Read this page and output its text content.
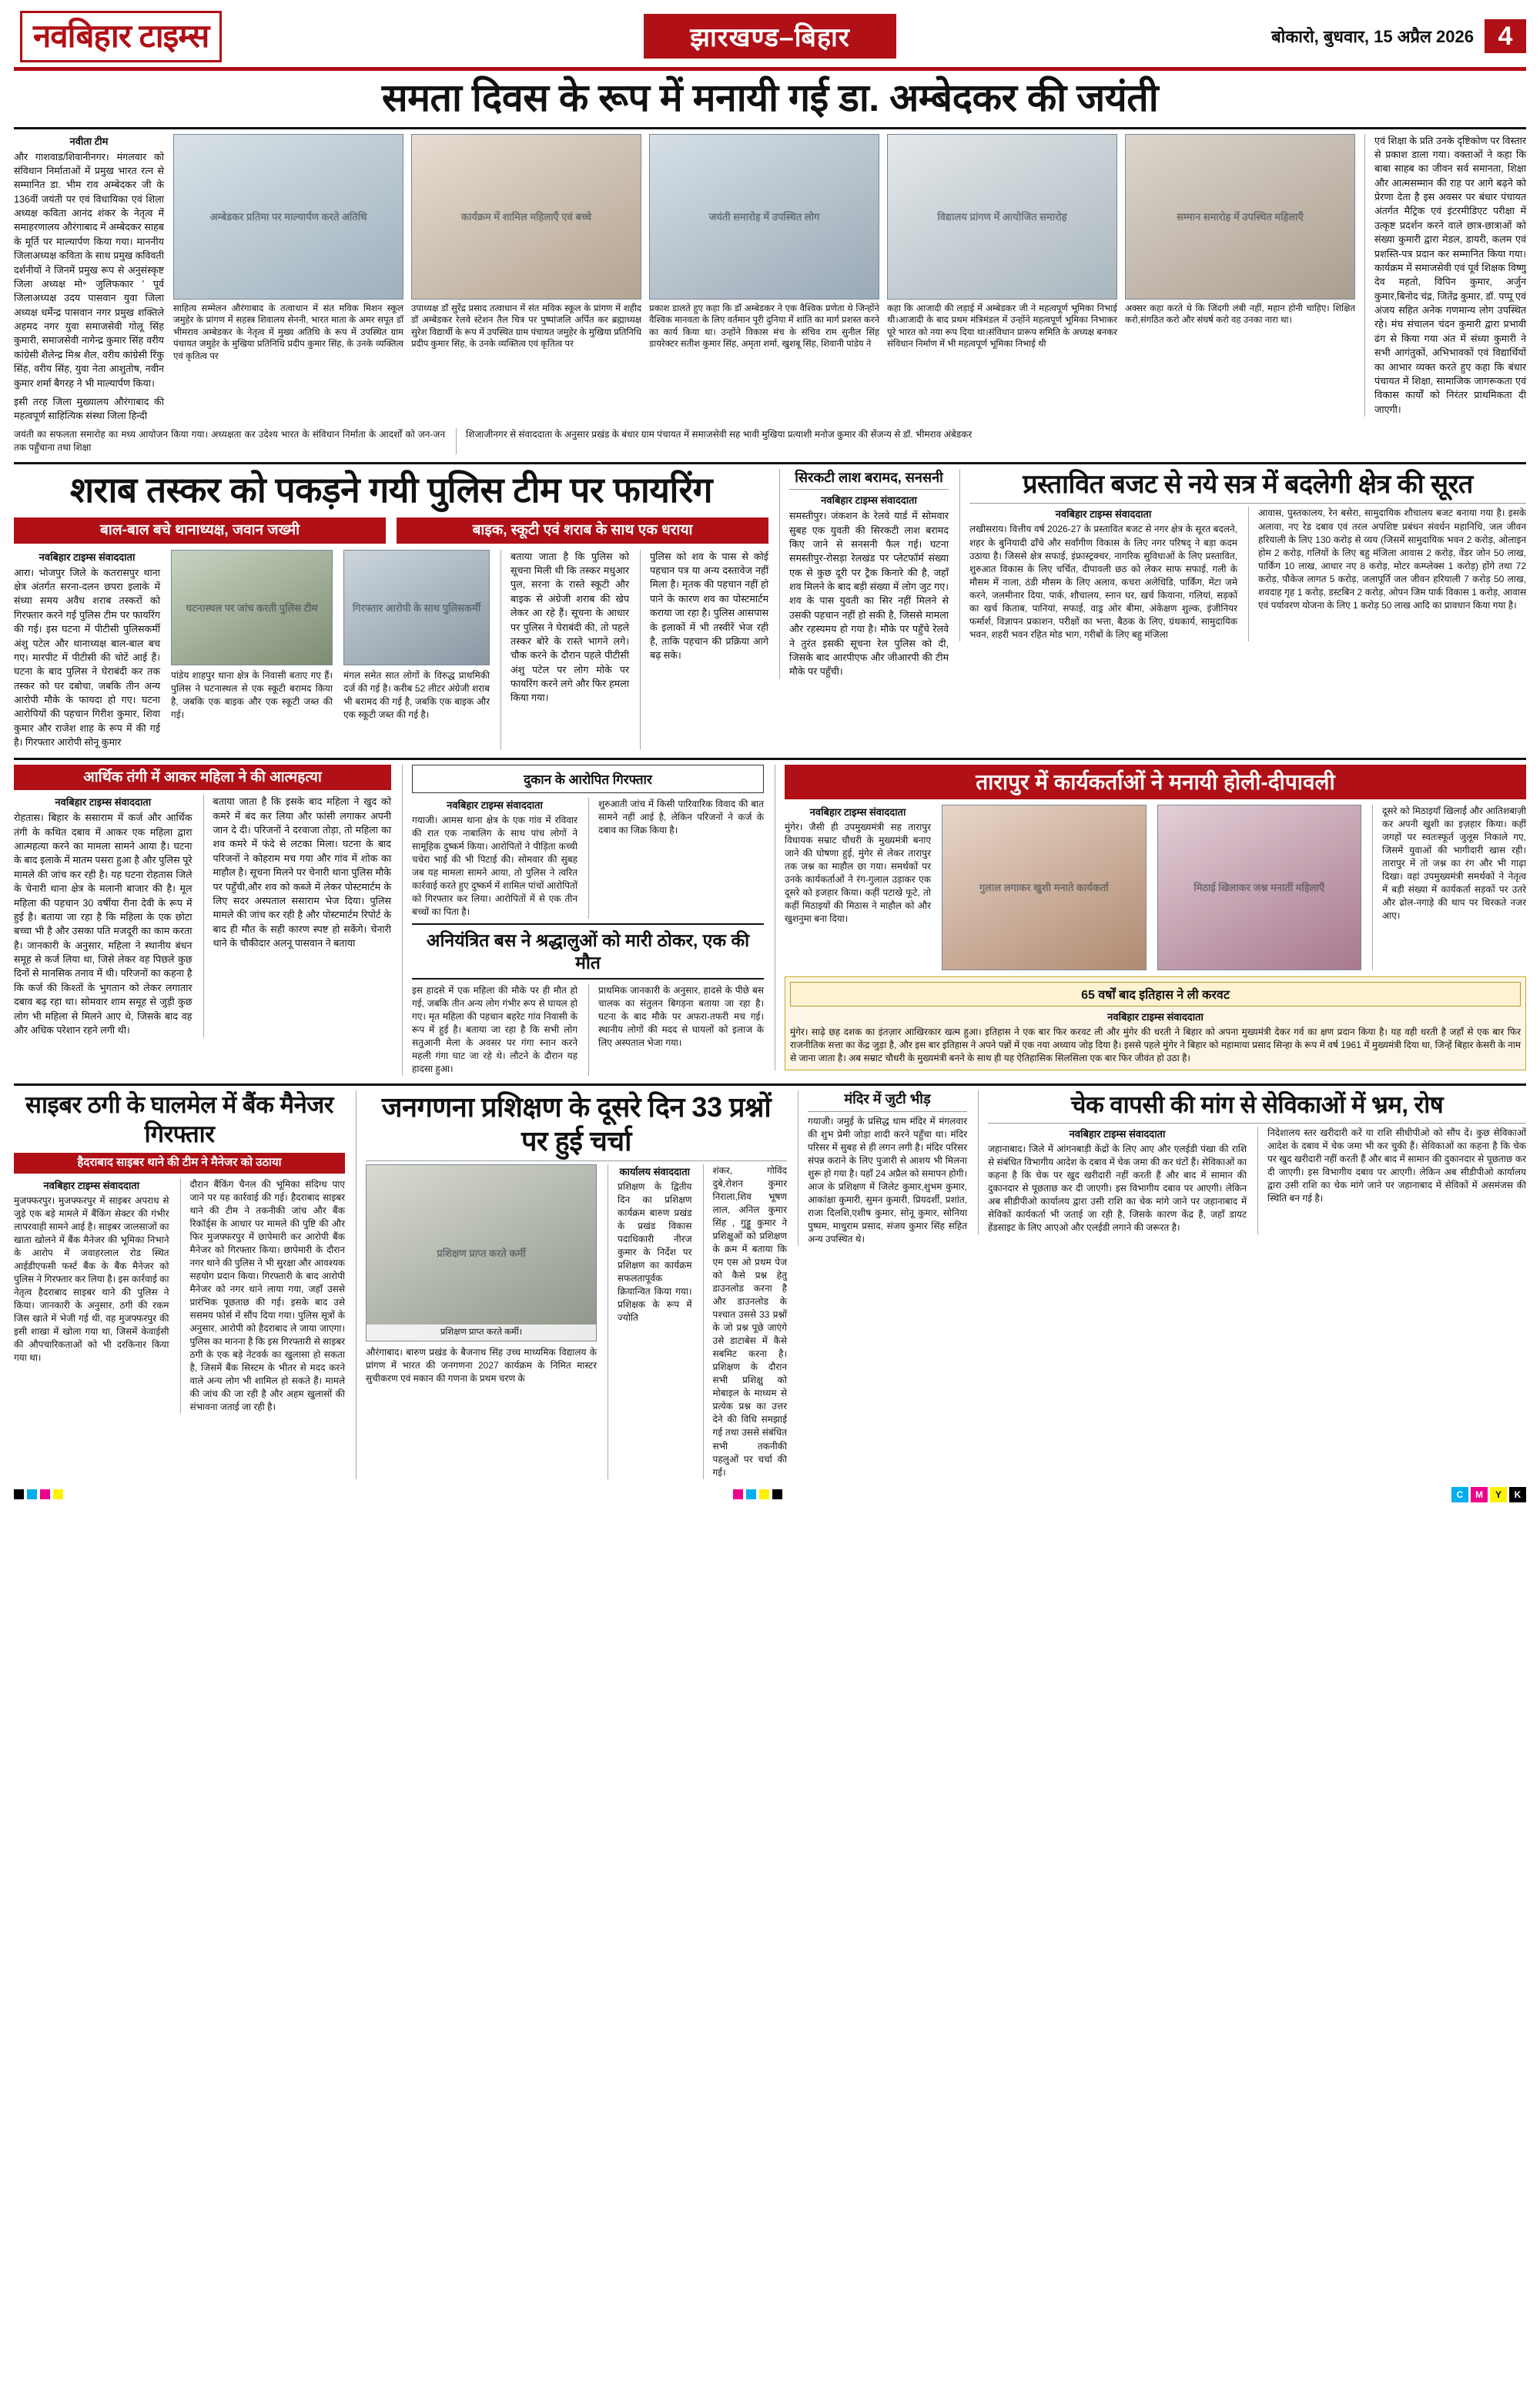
नवबिहार टाइम्स	झारखण्ड–बिहार	बोकारो, बुधवार, 15 अप्रैल 2026 4
समता दिवस के रूप में मनायी गई डा. अम्बेदकर की जयंती
नवीता टीम
और गाशवाड/शिवानीनगर। मंगलवार को संविधान निर्माताओं में प्रमुख भारत रत्न से सम्मानित डा. भीम राव अम्बेदकर जी के 136वीं जयंती पर एवं विधायिका एवं शिला अध्यक्ष कविता आनंद शंकर के नेतृत्व में समाहरणालय औरंगाबाद में अम्बेदकर साहब के मूर्ति पर माल्यार्पण किया गया। माननीय जिलाअध्यक्ष कविता के साथ प्रमुख कविवती दर्शनीयों ने जिनमें प्रमुख रूप से अनुसंस्कृष्ट जिला अध्यक्ष मो॰ जुलिफकार ' पूर्व जिलाअध्यक्ष उदय पासवान युवा जिला अध्यक्ष धर्मेन्द्र पासवान नगर प्रमुख शक्तिले अहमद नगर युवा समाजसेवी गोलू सिंह कुमारी, समाजसेवी नागेन्द्र कुमार सिंह वरीय कांग्रेसी शैलेन्द्र मिश्र शैल, वरीय कांग्रेसी रिंकु सिंह, वरीय सिंह, युवा नेता आशुतोष, नवीन कुमार शर्मा बैगरह ने भी माल्यार्पण किया।
इसी तरह जिला मुख्यालय औरंगाबाद की महत्वपूर्ण साहित्यिक संस्था जिला हिन्दी
अम्बेडकर प्रतिमा पर माल्यार्पण करते अतिथि	कार्यक्रम में शामिल महिलाएँ एवं बच्चे	जयंती समारोह में उपस्थित लोग	विद्यालय प्रांगण में आयोजित समारोह	सम्मान समारोह में उपस्थित महिलाएँ
साहित्य सम्मेलन औरंगाबाद के तत्वाधान में संत मविक मिशन स्कूल जमुहेर के प्रांगण में सहस्त्र शिवालय सेननी, भारत माता के अमर सपूत डॉ भीमराव अम्बेडकर के नेतृत्व में मुख्य अतिथि के रूप में उपस्थित ग्राम पंचायत जमुहेर के मुखिया प्रतिनिधि प्रदीप कुमार सिंह, के उनके व्यक्तित्व एवं कृतित्व पर
उपाध्यक्ष डॉ सुरेंद्र प्रसाद तत्वाधान में संत मविक स्कूल के प्रांगण में शहीद डॉ अम्बेडकर रेलवे स्टेशन तैल चित्र पर पुष्पांजलि अर्पित कर ब्रह्माध्यक्ष सुरेश विद्यार्थी के रूप में उपस्थित ग्राम पंचायत जमुहेर के मुखिया प्रतिनिधि प्रदीप कुमार सिंह, के उनके व्यक्तित्व एवं कृतित्व पर
प्रकाश डालते हुए कहा कि डॉ अम्बेडकर ने एक वैश्विक प्रणेता थे जिन्होंने वैश्विक मानवता के लिए वर्तमान पूरी दुनिया में शांति का मार्ग प्रशस्त करने का कार्य किया था। उन्होंने विकास मंच के संचिव राम सुनील सिंह डायरेक्टर सतीश कुमार सिंह, अमृता शर्मा, खुशबू सिंह, शिवानी पांडेय ने
कहा कि आजादी की लड़ाई में अम्बेडकर जी ने महत्वपूर्ण भूमिका निभाई थी।आजादी के बाद प्रथम मंत्रिमंडल में उन्होंने महत्वपूर्ण भूमिका निभाकर पूरे भारत को नया रूप दिया था।संविधान प्रारूप समिति के अध्यक्ष बनकर संविधान निर्माण में भी महत्वपूर्ण भूमिका निभाई थी
अक्सर कहा करते थे कि जिंदगी लंबी नहीं, महान होनी चाहिए। शिक्षित करो,संगठित करो और संघर्ष करो वह उनका नारा था।
एवं शिक्षा के प्रति उनके दृष्टिकोण पर विस्तार से प्रकाश डाला गया। वक्ताओं ने कहा कि बाबा साहब का जीवन सर्व समानता, शिक्षा और आत्मसम्मान की राह पर आगे बढ़ने को प्रेरणा देता है इस अवसर पर बंधार पंचायत अंतर्गत मैट्रिक एवं इंटरमीडिएट परीक्षा में उत्कृष्ट प्रदर्शन करने वाले छात्र-छात्राओं को संख्या कुमारी द्वारा मेडल, डायरी, कलम एवं प्रशस्ति-पत्र प्रदान कर सम्मानित किया गया। कार्यक्रम में समाजसेवी एवं पूर्व शिक्षक विष्णु देव महतो, विपिन कुमार, अर्जुन कुमार,बिनोद चंद्र, जितेंद्र कुमार, डॉ. पप्पू एवं अंजय सहित अनेक गणमान्य लोग उपस्थित रहे। मंच संचालन चंदन कुमारी द्वारा प्रभावी ढंग से किया गया अंत में संध्या कुमारी ने सभी आगंतुकों, अभिभावकों एवं विद्यार्थियों का आभार व्यक्त करते हुए कहा कि बंधार पंचायत में शिक्षा, सामाजिक जागरूकता एवं विकास कार्यों को निरंतर प्राथमिकता दी जाएगी।
जयंती का सफलता समारोह का मध्य आयोजन किया गया। अध्यक्षता कर उदेश्य भारत के संविधान निर्माता के आदर्शों को जन-जन तक पहुँचाना तथा शिक्षा
शिजाजीनगर से संवाददाता के अनुसार प्रखंड के बंधार ग्राम पंचायत में समाजसेवी सह भावी मुखिया प्रत्याशी मनोज कुमार की सेंजन्य से डॉ. भीमराव अंबेडकर
शराब तस्कर को पकड़ने गयी पुलिस टीम पर फायरिंग
बाल-बाल बचे थानाध्यक्ष, जवान जख्मी	बाइक, स्कूटी एवं शराब के साथ एक धराया
नवबिहार टाइम्स संवाददाता
आरा। भोजपुर जिले के कतरासपुर थाना क्षेत्र अंतर्गत सरना-दलन छपरा इलाके में संध्या समय अवैध शराब तस्करों को गिरफ्तार करने गई पुलिस टीम पर फायरिंग की गई। इस घटना में पीटीसी पुलिसकर्मी अंशु पटेल और थानाध्यक्ष बाल-बाल बच गए। मारपीट में पीटीसी की चोटें आई हैं। घटना के बाद पुलिस ने घेराबंदी कर तक तस्कर को घर दबोचा, जबकि तीन अन्य आरोपी मौके के फायदा हो गए। घटना आरोपियों की पहचान गिरीश कुमार, शिवा कुमार और राजेश शाह के रूप में की गई है। गिरफ्तार आरोपी सोनू कुमार
घटनास्थल पर जांच करती पुलिस टीम
पांडेय शाहपुर थाना क्षेत्र के निवासी बताए गए हैं। पुलिस ने घटनास्थल से एक स्कूटी बरामद किया है, जबकि एक बाइक और एक स्कूटी जब्त की गई।
गिरफ्तार आरोपी के साथ पुलिसकर्मी
मंगल समेत सात लोगों के विरुद्ध प्राथमिकी दर्ज की गई है। करीब 52 लीटर अंग्रेजी शराब भी बरामद की गई है, जबकि एक बाइक और एक स्कूटी जब्त की गई है।
बताया जाता है कि पुलिस को सूचना मिली थी कि तस्कर मधुआर पुल, सरना के रास्ते स्कूटी और बाइक से अंग्रेजी शराब की खेप लेकर आ रहे हैं। सूचना के आधार पर पुलिस ने घेराबंदी की, तो पहले तस्कर बोरे के रास्ते भागने लगे। चौक करने के दौरान पहले पीटीसी अंशु पटेल पर लोग मोके पर फायरिंग करने लगे और फिर हमला किया गया।
पुलिस को शव के पास से कोई पहचान पत्र या अन्य दस्तावेज नहीं मिला है। मृतक की पहचान नहीं हो पाने के कारण शव का पोस्टमार्टम कराया जा रहा है। पुलिस आसपास के इलाकों में भी तस्वीरें भेज रही है, ताकि पहचान की प्रक्रिया आगे बढ़ सके।
सिरकटी लाश बरामद, सनसनी
नवबिहार टाइम्स संवाददाता
समस्तीपुर। जंकशन के रेलवे यार्ड में सोमवार सुबह एक युवती की सिरकटी लाश बरामद किए जाने से सनसनी फैल गई। घटना समस्तीपुर-रोसड़ा रेलखंड पर प्लेटफॉर्म संख्या एक से कुछ दूरी पर ट्रैक किनारे की है, जहाँ शव मिलने के बाद बड़ी संख्या में लोग जुट गए। शव के पास युवती का सिर नहीं मिलने से उसकी पहचान नहीं हो सकी है, जिससे मामला और रहस्यमय हो गया है। मौके पर पहुँचे रेलवे ने तुरंत इसकी सूचना रेल पुलिस को दी, जिसके बाद आरपीएफ और जीआरपी की टीम मौके पर पहुँची।
प्रस्तावित बजट से नये सत्र में बदलेगी क्षेत्र की सूरत
नवबिहार टाइम्स संवाददाता
लखीसराय। वित्तीय वर्ष 2026-27 के प्रस्तावित बजट से नगर क्षेत्र के सूरत बदलने, शहर के बुनियादी ढाँचे और सर्वांगीण विकास के लिए नगर परिषद् ने बड़ा कदम उठाया है। जिससे क्षेत्र सफाई, इंफ्रास्ट्रक्चर, नागरिक सुविधाओं के लिए प्रस्तावित, शुरुआत विकास के लिए चर्चित, दीपावली छठ को लेकर साफ सफाई, गली के मौसम में नाला, ठंडी मौसम के लिए अलाव, कचरा अलेधिडि, पार्किंग, मेंटा जमे करने, जलमीनार दिया, पार्क, शौचालय, स्नान घर, खर्च कियाना, गलियां, सड़कों का खर्च किताब, पानियां, सफाई, वाड्र ओर बीमा, अंकेक्षण शुल्क, इंजीनियर फर्मार्श, विज्ञापन प्रकाशन, परीक्षों का भत्ता, बैठक के लिए, ग्रंथकार्य, सामुदायिक भवन, शहरी भवन रहित मोड भाग, गरीबों के लिए बहु मंजिला
आवास, पुस्तकालय, रेन बसेरा, सामुदायिक शौचालय बजट बनाया गया है। इसके अलावा, नए रेड दबाव एवं तरल अपशिष्ट प्रबंधन संवर्धन महानिधि, जल जीवन हरियाली के लिए 130 करोड़ से व्यय (जिसमें सामुदायिक भवन 2 करोड़, ओलाइन होम 2 करोड़, गलियों के लिए बहु मंजिला आवास 2 करोड़, वेंडर जोन 50 लाख, पार्किंग 10 लाख, आधार नए 8 करोड़, मोटर कम्प्लेक्स 1 करोड़) होंगे तथा 72 करोड़, पौकेज लागत 5 करोड़, जलापूर्ति जल जीवन हरियाली 7 करोड़ 50 लाख, शवदाह गृह 1 करोड़, डस्टबिन 2 करोड़, ओपन जिम पार्क विकास 1 करोड़, आवास एवं पर्यावरण योजना के लिए 1 करोड़ 50 लाख आदि का प्रावधान किया गया है।
आर्थिक तंगी में आकर महिला ने की आत्महत्या
नवबिहार टाइम्स संवाददाता
रोहतास। बिहार के ससाराम में कर्ज और आर्थिक तंगी के कथित दबाव में आकर एक महिला द्वारा आत्महत्या करने का मामला सामने आया है। घटना के बाद इलाके में मातम पसरा हुआ है और पुलिस पूरे मामले की जांच कर रही है। यह घटना रोहतास जिले के चेनारी थाना क्षेत्र के मलानी बाजार की है। मूल महिला की पहचान 30 वर्षीया रीना देवी के रूप में हुई है। बताया जा रहा है कि महिला के एक छोटा बच्चा भी है और उसका पति मजदूरी का काम करता है। जानकारी के अनुसार, महिला ने स्थानीय बंधन समूह से कर्ज लिया था, जिसे लेकर वह पिछले कुछ दिनों से मानसिक तनाव में थी। परिजनों का कहना है कि कर्ज की किश्तों के भुगतान को लेकर लगातार दबाव बढ़ रहा था। सोमवार शाम समूह से जुड़ी कुछ लोग भी महिला से मिलने आए थे, जिसके बाद वह और अधिक परेशान रहने लगी थी।
बताया जाता है कि इसके बाद महिला ने खुद को कमरे में बंद कर लिया और फांसी लगाकर अपनी जान दे दी। परिजनों ने दरवाजा तोड़ा, तो महिला का शव कमरे में फंदे से लटका मिला। घटना के बाद परिजनों ने कोहराम मच गया और गांव में शोक का माहौल है। सूचना मिलने पर चेनारी थाना पुलिस मौके पर पहुँची,और शव को कब्जे में लेकर पोस्टमार्टम के लिए सदर अस्पताल ससाराम भेज दिया। पुलिस मामले की जांच कर रही है और पोस्टमार्टम रिपोर्ट के बाद ही मौत के सही कारण स्पष्ट हो सकेंगे। चेनारी थाने के चौकीदार अलनू पासवान ने बताया
दुकान के आरोपित गिरफ्तार
नवबिहार टाइम्स संवाददाता
गयाजी। आमस थाना क्षेत्र के एक गांव में रविवार की रात एक नाबालिग के साथ पांच लोगों ने सामूहिक दुष्कर्म किया। आरोपितों ने पीड़िता कच्ची चचेरा भाई की भी पिटाई की। सोमवार की सुबह जब यह मामला सामने आया, तो पुलिस ने त्वरित कार्रवाई करते हुए दुष्कर्म में शामिल पांचों आरोपितों को गिरफ्तार कर लिया। आरोपितों में से एक तीन बच्चों का पिता है।
शुरुआती जांच में किसी पारिवारिक विवाद की बात सामने नहीं आई है, लेकिन परिजनों ने कर्ज के दबाव का जिक्र किया है।
अनियंत्रित बस ने श्रद्धालुओं को मारी ठोकर, एक की मौत
इस हादसे में एक महिला की मौके पर ही मौत हो गई, जबकि तीन अन्य लोग गंभीर रूप से घायल हो गए। मृत महिला की पहचान बहरेट गांव निवासी के रूप में हुई है। बताया जा रहा है कि सभी लोग सतुआनी मेला के अवसर पर गंगा स्नान करने महली गंगा घाट जा रहे थे। लौटने के दौरान यह हादसा हुआ।
प्राथमिक जानकारी के अनुसार, हादसे के पीछे बस चालक का संतुलन बिगड़ना बताया जा रहा है। घटना के बाद मौके पर अफरा-तफरी मच गई। स्थानीय लोगों की मदद से घायलों को इलाज के लिए अस्पताल भेजा गया।
तारापुर में कार्यकर्ताओं ने मनायी होली-दीपावली
नवबिहार टाइम्स संवाददाता
मुंगेर। जैसी ही उपमुख्यमंत्री सह तारापुर विधायक सम्राट चौधरी के मुख्यमंत्री बनाए जाने की घोषणा हुई, मुंगेर से लेकर तारापुर तक जश्न का माहौल छा गया। समर्थकों पर उनके कार्यकर्ताओं ने रंग-गुलाल उड़ाकर एक दूसरे को इजहार किया। कहीं पटाखे फूटे, तो कहीं मिठाइयों की मिठास ने माहौल को और खुशनुमा बना दिया।
गुलाल लगाकर खुशी मनाते कार्यकर्ता	मिठाई खिलाकर जश्न मनातीं महिलाएँ
दूसरे को मिठाइयाँ खिलाईं और आतिशबाज़ी कर अपनी खुशी का इज़हार किया। कहीं जगहों पर स्वतःस्फूर्त जुलूस निकाले गए, जिसमें युवाओं की भागीदारी खास रही। तारापुर में तो जश्न का रंग और भी गाढ़ा दिखा। वहां उपमुख्यमंत्री समर्थकों ने नेतृत्व में बड़ी संख्या में कार्यकर्ता सड़कों पर उतरे और ढोल-नगाड़े की थाप पर थिरकते नजर आए।
65 वर्षों बाद इतिहास ने ली करवट
नवबिहार टाइम्स संवाददाता
मुंगेर। साढ़े छह दशक का इंतज़ार आखिरकार खत्म हुआ। इतिहास ने एक बार फिर करवट ली और मुंगेर की धरती ने बिहार को अपना मुख्यमंत्री देकर गर्व का क्षण प्रदान किया है। यह वही धरती है जहाँ से एक बार फिर राजनीतिक सत्ता का केंद्र जुड़ा है, और इस बार इतिहास ने अपने पन्नों में एक नया अध्याय जोड़ दिया है। इससे पहले मुंगेर ने बिहार को महामाया प्रसाद सिन्हा के रूप में वर्ष 1961 में मुख्यमंत्री दिया था, जिन्हें बिहार केसरी के नाम से जाना जाता है। अब सम्राट चौधरी के मुख्यमंत्री बनने के साथ ही यह ऐतिहासिक सिलसिला एक बार फिर जीवंत हो उठा है।
साइबर ठगी के घालमेल में बैंक मैनेजर गिरफ्तार
हैदराबाद साइबर थाने की टीम ने मैनेजर को उठाया
नवबिहार टाइम्स संवाददाता
मुजफ्फरपुर। मुजफ्फरपुर में साइबर अपराध से जुड़े एक बड़े मामले में बैंकिंग सेक्टर की गंभीर लापरवाही सामने आई है। साइबर जालसाजों का खाता खोलने में बैंक मैनेजर की भूमिका निभाने के आरोप में जवाहरलाल रोड स्थित आईडीएफसी फर्स्ट बैंक के बैंक मैनेजर को पुलिस ने गिरफ्तार कर लिया है। इस कार्रवाई का नेतृत्व हैदराबाद साइबर थाने की पुलिस ने किया। जानकारी के अनुसार, ठगी की रकम जिस खाते में भेजी गई थी, वह मुजफ्फरपुर की इसी शाखा में खोला गया था, जिसमें केवाईसी की औपचारिकताओं को भी दरकिनार किया गया था।
दौरान बैंकिंग चैनल की भूमिका संदिग्ध पाए जाने पर यह कार्रवाई की गई। हैदराबाद साइबर थाने की टीम ने तकनीकी जांच और बैंक रिकॉर्ड्स के आधार पर मामले की पुष्टि की और फिर मुजफ्फरपुर में छापेमारी कर आरोपी बैंक मैनेजर को गिरफ्तार किया। छापेमारी के दौरान नगर थाने की पुलिस ने भी सुरक्षा और आवश्यक सहयोग प्रदान किया। गिरफ्तारी के बाद आरोपी मैनेजर को नगर थाने लाया गया, जहाँ उससे प्रारंभिक पूछताछ की गई। इसके बाद उसे ससमय फोर्स में सौंप दिया गया। पुलिस सूत्रों के अनुसार, आरोपी को हैदराबाद ले जाया जाएगा। पुलिस का मानना है कि इस गिरफ्तारी से साइबर ठगी के एक बड़े नेटवर्क का खुलासा हो सकता है, जिसमें बैंक सिस्टम के भीतर से मदद करने वाले अन्य लोग भी शामिल हो सकते हैं। मामले की जांच की जा रही है और अहम खुलासों की संभावना जताई जा रही है।
जनगणना प्रशिक्षण के दूसरे दिन 33 प्रश्नों पर हुई चर्चा
प्रशिक्षण प्राप्त करते कर्मी
प्रशिक्षण प्राप्त करते कर्मी।
औरंगाबाद। बारुण प्रखंड के बैजनाथ सिंह उच्च माध्यमिक विद्यालय के प्रांगण में भारत की जनगणना 2027 कार्यक्रम के निमित मास्टर सुचीकरण एवं मकान की गणना के प्रथम चरण के
कार्यालय संवाददाता
प्रशिक्षण के द्वितीय दिन का प्रशिक्षण कार्यक्रम बारुण प्रखंड के प्रखंड विकास पदाधिकारी नीरज कुमार के निर्देश पर प्रशिक्षण का कार्यक्रम सफलतापूर्वक क्रियान्वित किया गया। प्रशिक्षक के रूप में ज्योति
शंकर, गोविंद दुबे,रोशन कुमार निराला,शिव भूषण लाल, अनिल कुमार सिंह , गुड्डू कुमार ने प्रशिक्षुओं को प्रशिक्षण के क्रम में बताया कि एम एस ओ प्रथम पेज को कैसे प्रश्न हेतु डाउनलोड करना है और डाउनलोड के पश्चात उससे 33 प्रश्नों के जो प्रश्न पूछे जाएंगे उसे डाटाबेस में कैसे सबमिट करना है। प्रशिक्षण के दौरान सभी प्रशिक्षु को मोबाइल के माध्यम से प्रत्येक प्रश्न का उत्तर देने की विधि समझाई गई तथा उससे संबंधित सभी तकनीकी पहलुओं पर चर्चा की गई।
मंदिर में जुटी भीड़
गयाजी। जमुई के प्रसिद्ध धाम मंदिर में मंगलवार की शुभ प्रेमी जोड़ा शादी करने पहुँचा था। मंदिर परिसर में सुबह से ही लगन लगी है। मंदिर परिसर संपन्न कराने के लिए पुजारी से आशय भी मिलना शुरू हो गया है। यहाँ 24 अप्रैल को समापन होगी। आज के प्रशिक्षण में जिलेट कुमार,शुभम कुमार, आकांक्षा कुमारी, सुमन कुमारी, प्रियदर्शी, प्रशांत, राजा दिलशि,एशीष कुमार, सोनू कुमार, सोनिया पुष्पम, माधुराम प्रसाद, संजय कुमार सिंह सहित अन्य उपस्थित थे।
चेक वापसी की मांग से सेविकाओं में भ्रम, रोष
नवबिहार टाइम्स संवाददाता
जहानाबाद। जिले में आंगनबाड़ी केंद्रों के लिए आए और एलईडी पंखा की राशि से संबंधित विभागीय आदेश के दबाव में चेक जमा की कर घंटों हैं। सेविकाओं का कहना है कि चेक पर खुद खरीदारी नहीं करती हैं और बाद में सामान की दुकानदार से पूछताछ कर दी जाएगी। इस विभागीय दबाव पर आएगी। लेकिन अब सीडीपीओ कार्यालय द्वारा उसी राशि का चेक मांगे जाने पर जहानाबाद में सेविकों कार्यकर्ता भी जताई जा रही है, जिसके कारण केंद्र हैं, जहाँ डायट हेंडसाइट के लिए आएओ और एलईडी लगाने की जरूरत है।
निदेशालय स्तर खरीदारी करें या राशि सीधीपीओ को सौंप दें। कुछ सेविकाओं आदेश के दबाव में चेक जमा भी कर चुकी हैं। सेविकाओं का कहना है कि चेक पर खुद खरीदारी नहीं करती हैं और बाद में सामान की दुकानदार से पूछताछ कर दी जाएगी। इस विभागीय दबाव पर आएगी। लेकिन अब सीडीपीओ कार्यालय द्वारा उसी राशि का चेक मांगे जाने पर जहानाबाद में सेविकों में असमंजस की स्थिति बन गई है।
C	M	Y	K
